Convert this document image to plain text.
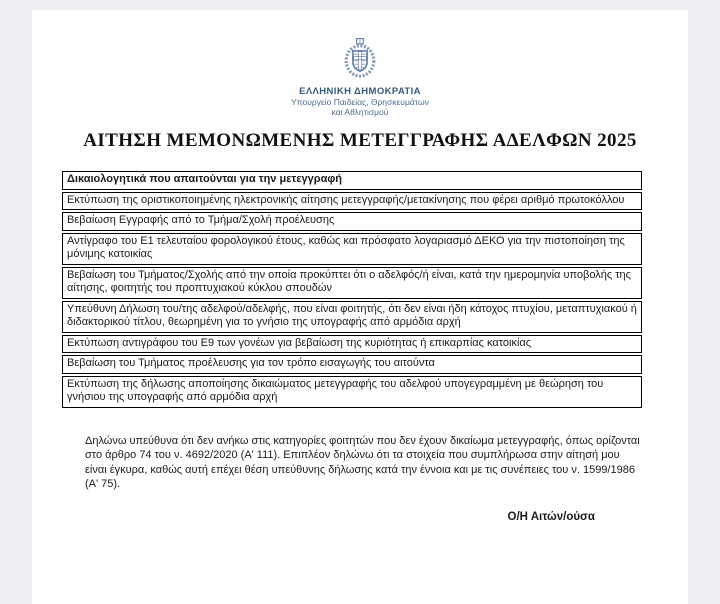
ΕΛΛΗΝΙΚΗ ΔΗΜΟΚΡΑΤΙΑ
Υπουργείο Παιδείας, Θρησκευμάτων
και Αθλητισμού
ΑΙΤΗΣΗ ΜΕΜΟΝΩΜΕΝΗΣ ΜΕΤΕΓΓΡΑΦΗΣ ΑΔΕΛΦΩΝ 2025
Δικαιολογητικά που απαιτούνται για την μετεγγραφή
Εκτύπωση της οριστικοποιημένης ηλεκτρονικής αίτησης μετεγγραφής/μετακίνησης που φέρει αριθμό πρωτοκόλλου
Βεβαίωση Εγγραφής από το Τμήμα/Σχολή προέλευσης
Αντίγραφο του Ε1 τελευταίου φορολογικού έτους, καθώς και πρόσφατο λογαριασμό ΔΕΚΟ για την πιστοποίηση της μόνιμης κατοικίας
Βεβαίωση του Τμήματος/Σχολής από την οποία προκύπτει ότι ο αδελφός/ή είναι, κατά την ημερομηνία υποβολής της αίτησης, φοιτητής του προπτυχιακού κύκλου σπουδών
Υπεύθυνη Δήλωση του/της αδελφού/αδελφής, που είναι φοιτητής, ότι δεν είναι ήδη κάτοχος πτυχίου, μεταπτυχιακού ή διδακτορικού τίτλου, θεωρημένη για το γνήσιο της υπογραφής από αρμόδια αρχή
Εκτύπωση αντιγράφου του Ε9 των γονέων για βεβαίωση της κυριότητας ή επικαρπίας κατοικίας
Βεβαίωση του Τμήματος προέλευσης για τον τρόπο εισαγωγής του αιτούντα
Εκτύπωση της δήλωσης αποποίησης δικαιώματος μετεγγραφής του αδελφού υπογεγραμμένη με θεώρηση του γνήσιου της υπογραφής από αρμόδια αρχή

Δηλώνω υπεύθυνα ότι δεν ανήκω στις κατηγορίες φοιτητών που δεν έχουν δικαίωμα μετεγγραφής, όπως ορίζονται στο άρθρο 74 του ν. 4692/2020 (Α' 111). Επιπλέον δηλώνω ότι τα στοιχεία που συμπλήρωσα στην αίτησή μου είναι έγκυρα, καθώς αυτή επέχει θέση υπεύθυνης δήλωσης κατά την έννοια και με τις συνέπειες του ν. 1599/1986 (Α' 75).

Ο/Η Αιτών/ούσα
